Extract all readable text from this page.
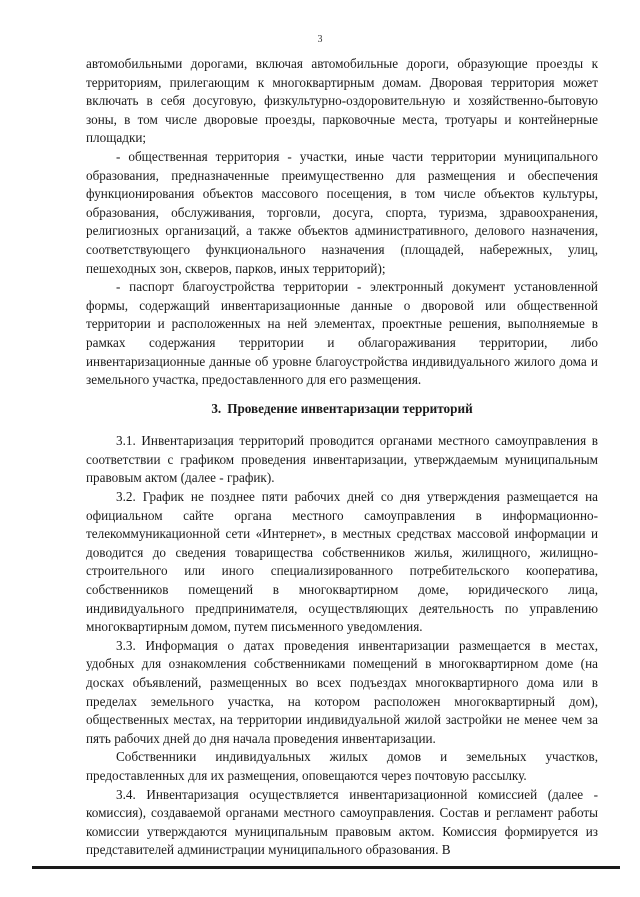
3

автомобильными дорогами, включая автомобильные дороги, образующие проезды к территориям, прилегающим к многоквартирным домам. Дворовая территория может включать в себя досуговую, физкультурно-оздоровительную и хозяйственно-бытовую зоны, в том числе дворовые проезды, парковочные места, тротуары и контейнерные площадки;

- общественная территория - участки, иные части территории муниципального образования, предназначенные преимущественно для размещения и обеспечения функционирования объектов массового посещения, в том числе объектов культуры, образования, обслуживания, торговли, досуга, спорта, туризма, здравоохранения, религиозных организаций, а также объектов административного, делового назначения, соответствующего функционального назначения (площадей, набережных, улиц, пешеходных зон, скверов, парков, иных территорий);

- паспорт благоустройства территории - электронный документ установленной формы, содержащий инвентаризационные данные о дворовой или общественной территории и расположенных на ней элементах, проектные решения, выполняемые в рамках содержания территории и облагораживания территории, либо инвентаризационные данные об уровне благоустройства индивидуального жилого дома и земельного участка, предоставленного для его размещения.

3. Проведение инвентаризации территорий

3.1. Инвентаризация территорий проводится органами местного самоуправления в соответствии с графиком проведения инвентаризации, утверждаемым муниципальным правовым актом (далее - график).

3.2. График не позднее пяти рабочих дней со дня утверждения размещается на официальном сайте органа местного самоуправления в информационно-телекоммуникационной сети «Интернет», в местных средствах массовой информации и доводится до сведения товарищества собственников жилья, жилищного, жилищно-строительного или иного специализированного потребительского кооператива, собственников помещений в многоквартирном доме, юридического лица, индивидуального предпринимателя, осуществляющих деятельность по управлению многоквартирным домом, путем письменного уведомления.

3.3. Информация о датах проведения инвентаризации размещается в местах, удобных для ознакомления собственниками помещений в многоквартирном доме (на досках объявлений, размещенных во всех подъездах многоквартирного дома или в пределах земельного участка, на котором расположен многоквартирный дом), общественных местах, на территории индивидуальной жилой застройки не менее чем за пять рабочих дней до дня начала проведения инвентаризации.

Собственники индивидуальных жилых домов и земельных участков, предоставленных для их размещения, оповещаются через почтовую рассылку.

3.4. Инвентаризация осуществляется инвентаризационной комиссией (далее - комиссия), создаваемой органами местного самоуправления. Состав и регламент работы комиссии утверждаются муниципальным правовым актом. Комиссия формируется из представителей администрации муниципального образования. В
